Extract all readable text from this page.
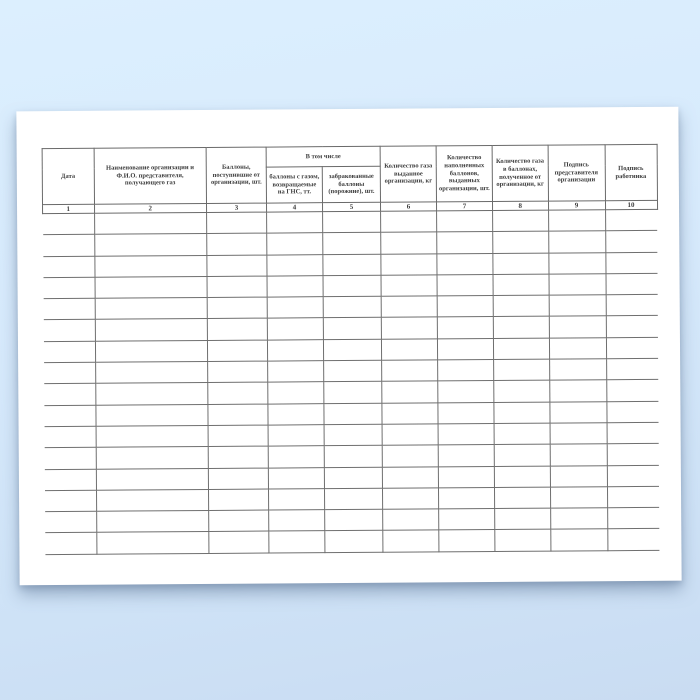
Дата	Наименование организации и Ф.И.О. представителя, получающего газ	Баллоны, поступившие от организации, шт.	В том числе		Количество газа выданное организации, кг	Количество наполненных баллонов, выданных организации, шт.	Количество газа в баллонах, полученное от организации, кг	Подпись представителя организации	Подпись работника
			баллоны с газом, возвращаемые на ГНС, тт.	забракованные баллоны (порожние), шт.					
1	2	3	4	5	6	7	8	9	10
